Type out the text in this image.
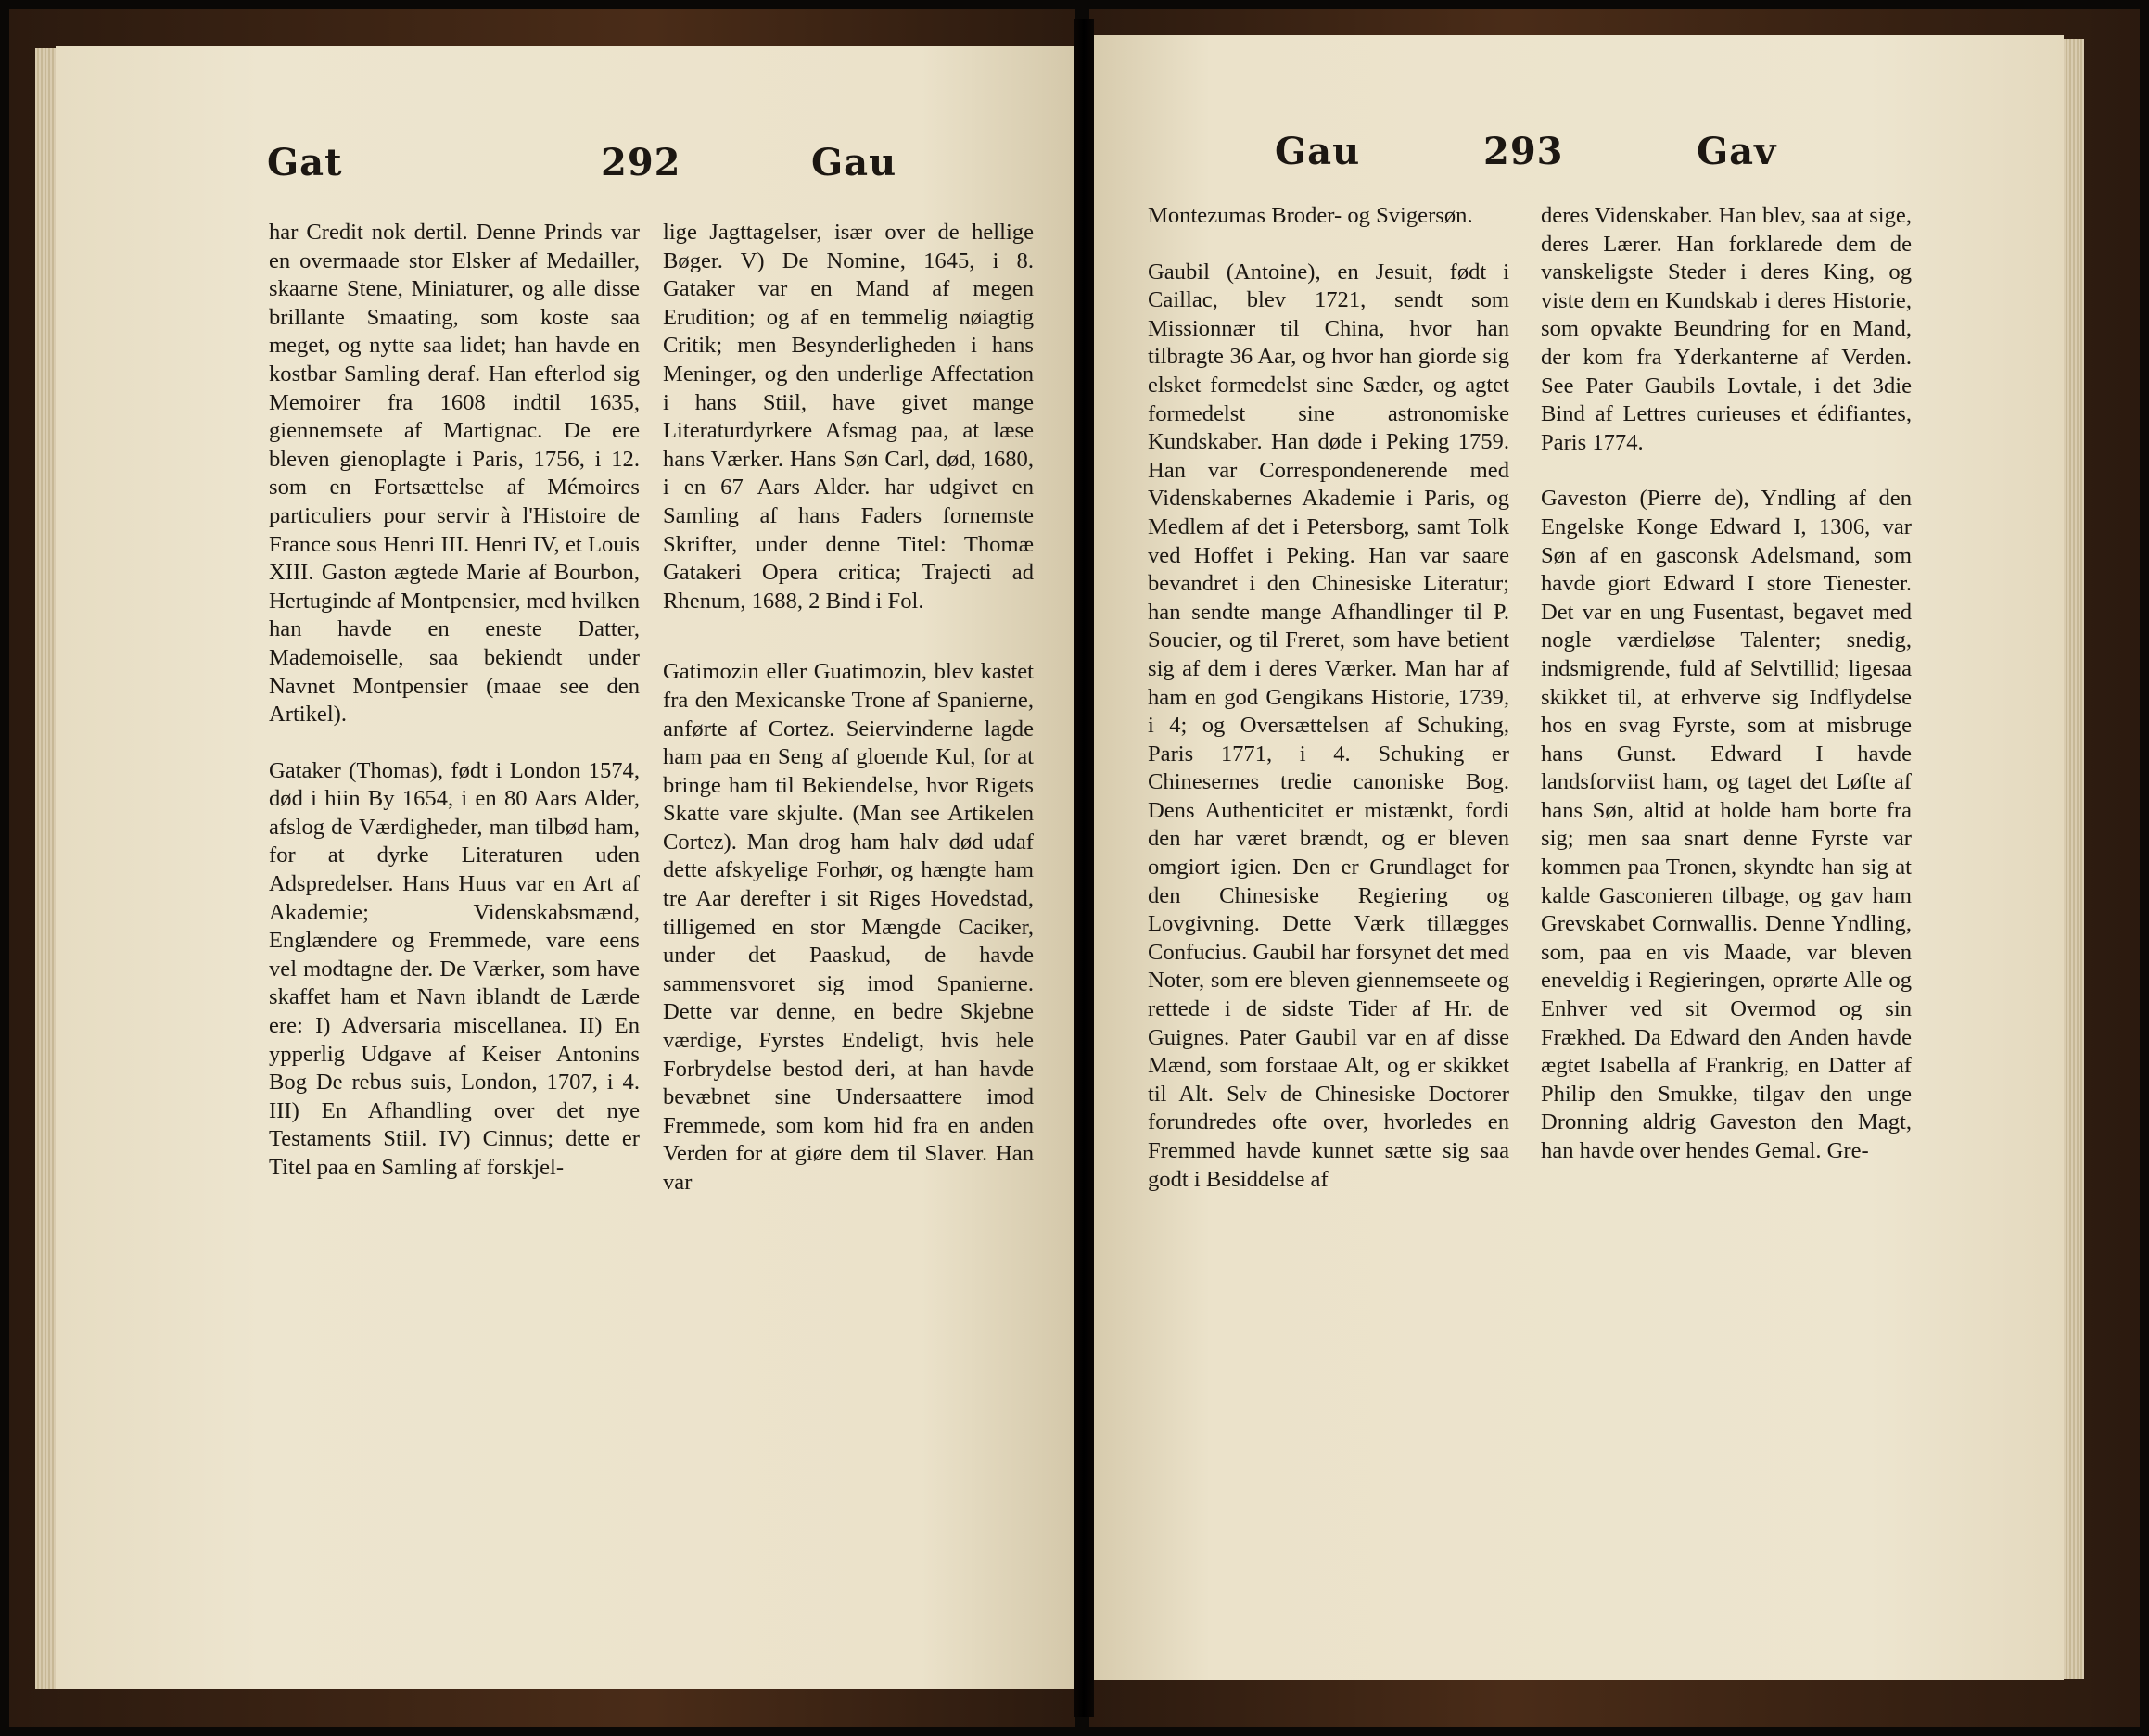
Gat	292	Gau

har Credit nok dertil. Denne Prinds var en overmaade stor Elsker af Medailler, skaarne Stene, Miniaturer, og alle disse brillante Smaating, som koste saa meget, og nytte saa lidet; han havde en kostbar Samling deraf. Han efterlod sig Memoirer fra 1608 indtil 1635, giennemsete af Martignac. De ere bleven gienoplagte i Paris, 1756, i 12. som en Fortsættelse af Mémoires particuliers pour servir à l'Histoire de France sous Henri III. Henri IV, et Louis XIII. Gaston ægtede Marie af Bourbon, Hertuginde af Montpensier, med hvilken han havde en eneste Datter, Mademoiselle, saa bekiendt under Navnet Montpensier (maae see den Artikel).

Gataker (Thomas), født i London 1574, død i hiin By 1654, i en 80 Aars Alder, afslog de Værdigheder, man tilbød ham, for at dyrke Literaturen uden Adspredelser. Hans Huus var en Art af Akademie; Videnskabsmænd, Englændere og Fremmede, vare eens vel modtagne der. De Værker, som have skaffet ham et Navn iblandt de Lærde ere: I) Adversaria miscellanea. II) En ypperlig Udgave af Keiser Antonins Bog De rebus suis, London, 1707, i 4. III) En Afhandling over det nye Testaments Stiil. IV) Cinnus; dette er Titel paa en Samling af forskjel-

lige Jagttagelser, især over de hellige Bøger. V) De Nomine, 1645, i 8. Gataker var en Mand af megen Erudition; og af en temmelig nøiagtig Critik; men Besynderligheden i hans Meninger, og den underlige Affectation i hans Stiil, have givet mange Literaturdyrkere Afsmag paa, at læse hans Værker. Hans Søn Carl, død, 1680, i en 67 Aars Alder. har udgivet en Samling af hans Faders fornemste Skrifter, under denne Titel: Thomæ Gatakeri Opera critica; Trajecti ad Rhenum, 1688, 2 Bind i Fol.

Gatimozin eller Guatimozin, blev kastet fra den Mexicanske Trone af Spanierne, anførte af Cortez. Seiervinderne lagde ham paa en Seng af gloende Kul, for at bringe ham til Bekiendelse, hvor Rigets Skatte vare skjulte. (Man see Artikelen Cortez). Man drog ham halv død udaf dette afskyelige Forhør, og hængte ham tre Aar derefter i sit Riges Hovedstad, tilligemed en stor Mængde Caciker, under det Paaskud, de havde sammensvoret sig imod Spanierne. Dette var denne, en bedre Skjebne værdige, Fyrstes Endeligt, hvis hele Forbrydelse bestod deri, at han havde bevæbnet sine Undersaattere imod Fremmede, som kom hid fra en anden Verden for at giøre dem til Slaver. Han var

Gau	293	Gav

Montezumas Broder- og Svigersøn.

Gaubil (Antoine), en Jesuit, født i Caillac, blev 1721, sendt som Missionnær til China, hvor han tilbragte 36 Aar, og hvor han giorde sig elsket formedelst sine Sæder, og agtet formedelst sine astronomiske Kundskaber. Han døde i Peking 1759. Han var Correspondenerende med Videnskabernes Akademie i Paris, og Medlem af det i Petersborg, samt Tolk ved Hoffet i Peking. Han var saare bevandret i den Chinesiske Literatur; han sendte mange Afhandlinger til P. Soucier, og til Freret, som have betient sig af dem i deres Værker. Man har af ham en god Gengikans Historie, 1739, i 4; og Oversættelsen af Schuking, Paris 1771, i 4. Schuking er Chinesernes tredie canoniske Bog. Dens Authenticitet er mistænkt, fordi den har været brændt, og er bleven omgiort igien. Den er Grundlaget for den Chinesiske Regiering og Lovgivning. Dette Værk tillægges Confucius. Gaubil har forsynet det med Noter, som ere bleven giennemseete og rettede i de sidste Tider af Hr. de Guignes. Pater Gaubil var en af disse Mænd, som forstaae Alt, og er skikket til Alt. Selv de Chinesiske Doctorer forundredes ofte over, hvorledes en Fremmed havde kunnet sætte sig saa godt i Besiddelse af

deres Videnskaber. Han blev, saa at sige, deres Lærer. Han forklarede dem de vanskeligste Steder i deres King, og viste dem en Kundskab i deres Historie, som opvakte Beundring for en Mand, der kom fra Yderkanterne af Verden. See Pater Gaubils Lovtale, i det 3die Bind af Lettres curieuses et édifiantes, Paris 1774.

Gaveston (Pierre de), Yndling af den Engelske Konge Edward I, 1306, var Søn af en gasconsk Adelsmand, som havde giort Edward I store Tienester. Det var en ung Fusentast, begavet med nogle værdieløse Talenter; snedig, indsmigrende, fuld af Selvtillid; ligesaa skikket til, at erhverve sig Indflydelse hos en svag Fyrste, som at misbruge hans Gunst. Edward I havde landsforviist ham, og taget det Løfte af hans Søn, altid at holde ham borte fra sig; men saa snart denne Fyrste var kommen paa Tronen, skyndte han sig at kalde Gasconieren tilbage, og gav ham Grevskabet Cornwallis. Denne Yndling, som, paa en vis Maade, var bleven eneveldig i Regieringen, oprørte Alle og Enhver ved sit Overmod og sin Frækhed. Da Edward den Anden havde ægtet Isabella af Frankrig, en Datter af Philip den Smukke, tilgav den unge Dronning aldrig Gaveston den Magt, han havde over hendes Gemal. Gre-
